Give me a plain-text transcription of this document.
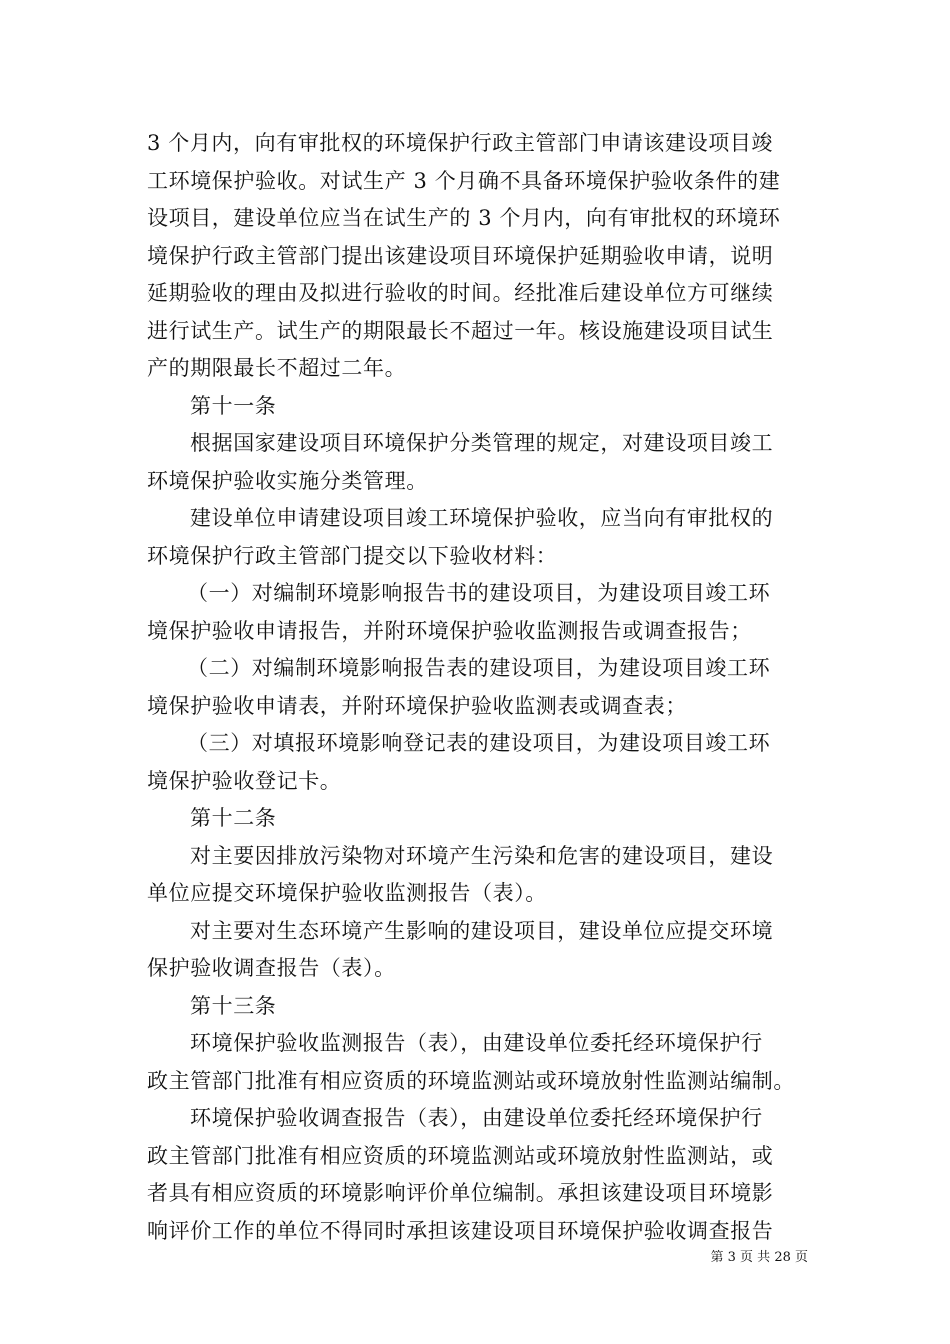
3 个月内，向有审批权的环境保护行政主管部门申请该建设项目竣
工环境保护验收。对试生产 3 个月确不具备环境保护验收条件的建
设项目，建设单位应当在试生产的 3 个月内，向有审批权的环境环
境保护行政主管部门提出该建设项目环境保护延期验收申请，说明
延期验收的理由及拟进行验收的时间。经批准后建设单位方可继续
进行试生产。试生产的期限最长不超过一年。核设施建设项目试生
产的期限最长不超过二年。
第十一条
根据国家建设项目环境保护分类管理的规定，对建设项目竣工
环境保护验收实施分类管理。
建设单位申请建设项目竣工环境保护验收，应当向有审批权的
环境保护行政主管部门提交以下验收材料：
（一）对编制环境影响报告书的建设项目，为建设项目竣工环
境保护验收申请报告，并附环境保护验收监测报告或调查报告；
（二）对编制环境影响报告表的建设项目，为建设项目竣工环
境保护验收申请表，并附环境保护验收监测表或调查表；
（三）对填报环境影响登记表的建设项目，为建设项目竣工环
境保护验收登记卡。
第十二条
对主要因排放污染物对环境产生污染和危害的建设项目，建设
单位应提交环境保护验收监测报告（表）。
对主要对生态环境产生影响的建设项目，建设单位应提交环境
保护验收调查报告（表）。
第十三条
环境保护验收监测报告（表），由建设单位委托经环境保护行
政主管部门批准有相应资质的环境监测站或环境放射性监测站编制。
环境保护验收调查报告（表），由建设单位委托经环境保护行
政主管部门批准有相应资质的环境监测站或环境放射性监测站，或
者具有相应资质的环境影响评价单位编制。承担该建设项目环境影
响评价工作的单位不得同时承担该建设项目环境保护验收调查报告
第 3 页 共 28 页
